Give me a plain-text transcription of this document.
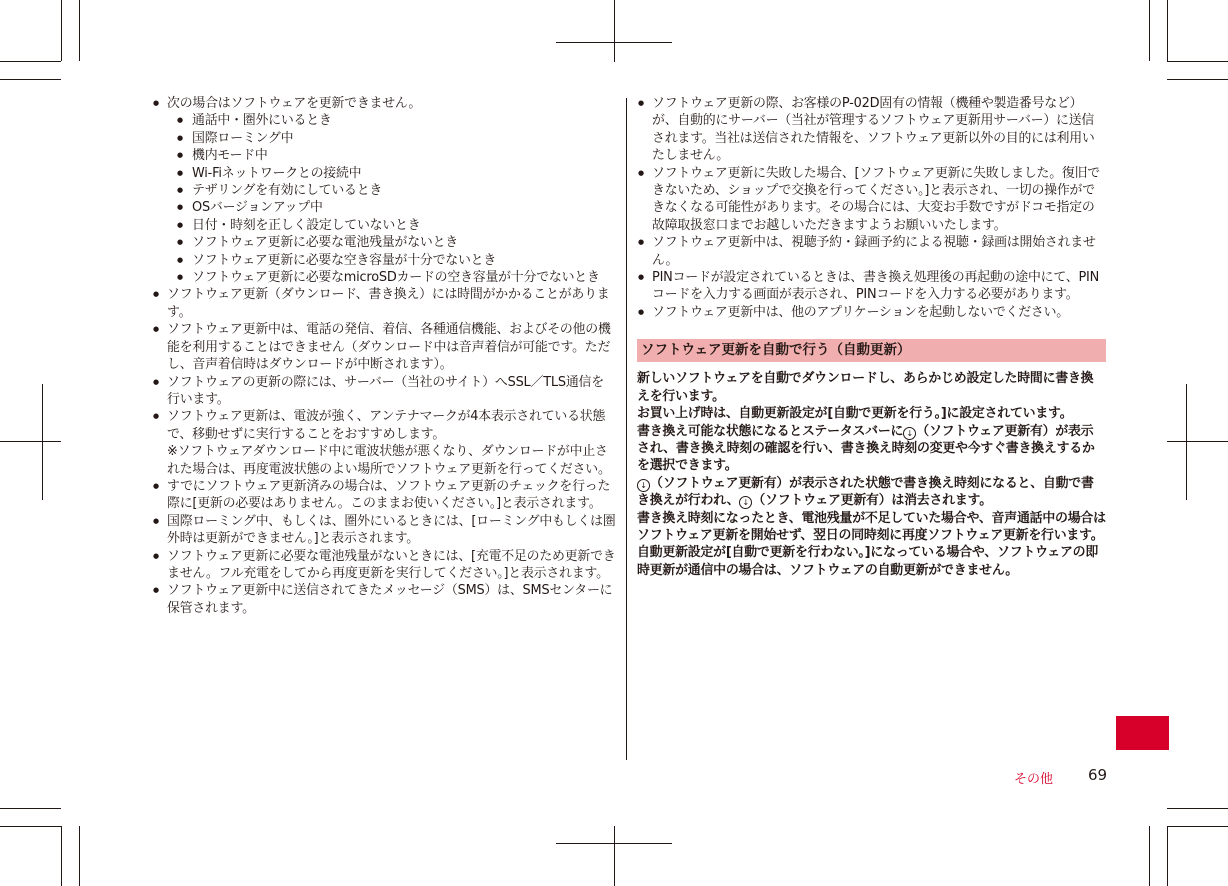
● 次の場合はソフトウェアを更新できません。
● 通話中・圏外にいるとき
● 国際ローミング中
● 機内モード中
● Wi-Fiネットワークとの接続中
● テザリングを有効にしているとき
● OSバージョンアップ中
● 日付・時刻を正しく設定していないとき
● ソフトウェア更新に必要な電池残量がないとき
● ソフトウェア更新に必要な空き容量が十分でないとき
● ソフトウェア更新に必要なmicroSDカードの空き容量が十分でないとき
● ソフトウェア更新（ダウンロード、書き換え）には時間がかかることがあります。
● ソフトウェア更新中は、電話の発信、着信、各種通信機能、およびその他の機能を利用することはできません（ダウンロード中は音声着信が可能です。ただし、音声着信時はダウンロードが中断されます）。
● ソフトウェアの更新の際には、サーバー（当社のサイト）へSSL／TLS通信を行います。
● ソフトウェア更新は、電波が強く、アンテナマークが4本表示されている状態で、移動せずに実行することをおすすめします。
※ソフトウェアダウンロード中に電波状態が悪くなり、ダウンロードが中止された場合は、再度電波状態のよい場所でソフトウェア更新を行ってください。
● すでにソフトウェア更新済みの場合は、ソフトウェア更新のチェックを行った際に[更新の必要はありません。このままお使いください。]と表示されます。
● 国際ローミング中、もしくは、圏外にいるときには、[ローミング中もしくは圏外時は更新ができません。]と表示されます。
● ソフトウェア更新に必要な電池残量がないときには、[充電不足のため更新できません。フル充電をしてから再度更新を実行してください。]と表示されます。
● ソフトウェア更新中に送信されてきたメッセージ（SMS）は、SMSセンターに保管されます。
● ソフトウェア更新の際、お客様のP-02D固有の情報（機種や製造番号など）が、自動的にサーバー（当社が管理するソフトウェア更新用サーバー）に送信されます。当社は送信された情報を、ソフトウェア更新以外の目的には利用いたしません。
● ソフトウェア更新に失敗した場合、[ソフトウェア更新に失敗しました。復旧できないため、ショップで交換を行ってください。]と表示され、一切の操作ができなくなる可能性があります。その場合には、大変お手数ですがドコモ指定の故障取扱窓口までお越しいただきますようお願いいたします。
● ソフトウェア更新中は、視聴予約・録画予約による視聴・録画は開始されません。
● PINコードが設定されているときは、書き換え処理後の再起動の途中にて、PINコードを入力する画面が表示され、PINコードを入力する必要があります。
● ソフトウェア更新中は、他のアプリケーションを起動しないでください。
ソフトウェア更新を自動で行う（自動更新）

新しいソフトウェアを自動でダウンロードし、あらかじめ設定した時間に書き換えを行います。

お買い上げ時は、自動更新設定が[自動で更新を行う。]に設定されています。

書き換え可能な状態になるとステータスバーに ↓ （ソフトウェア更新有）が表示され、書き換え時刻の確認を行い、書き換え時刻の変更や今すぐ書き換えするかを選択できます。

↓ （ソフトウェア更新有）が表示された状態で書き換え時刻になると、自動で書き換えが行われ、 ↓ （ソフトウェア更新有）は消去されます。

書き換え時刻になったとき、電池残量が不足していた場合や、音声通話中の場合はソフトウェア更新を開始せず、翌日の同時刻に再度ソフトウェア更新を行います。

自動更新設定が[自動で更新を行わない。]になっている場合や、ソフトウェアの即時更新が通信中の場合は、ソフトウェアの自動更新ができません。

その他 69
